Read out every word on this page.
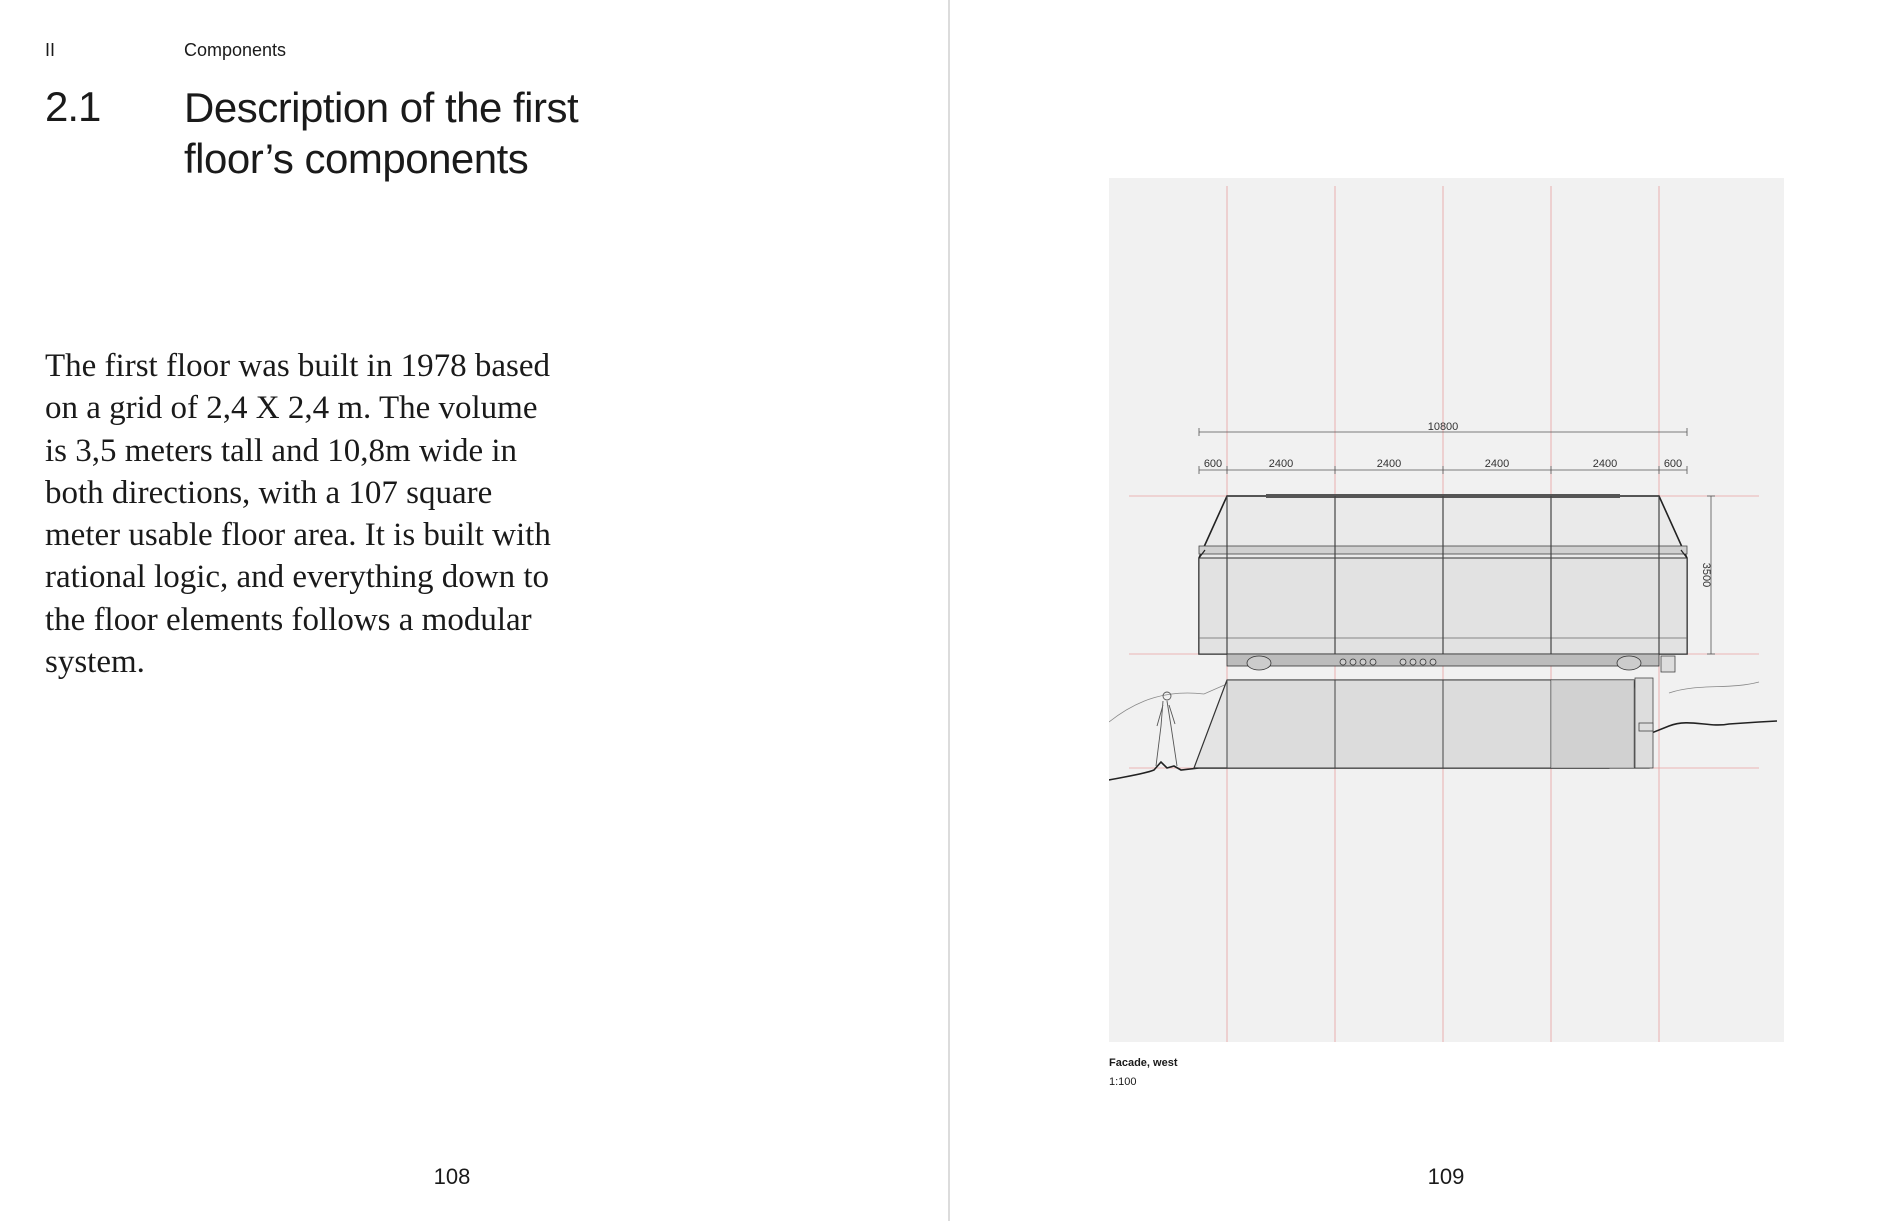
II	Components
2.1 Description of the first
floor’s components
The first floor was built in 1978 based
on a grid of 2,4 X 2,4 m. The volume
is 3,5 meters tall and 10,8m wide in
both directions, with a 107 square
meter usable floor area. It is built with
rational logic, and everything down to
the floor elements follows a modular
system.
108
10800
600	2400	2400	2400	2400	600
3500
Facade, west
1:100
109
